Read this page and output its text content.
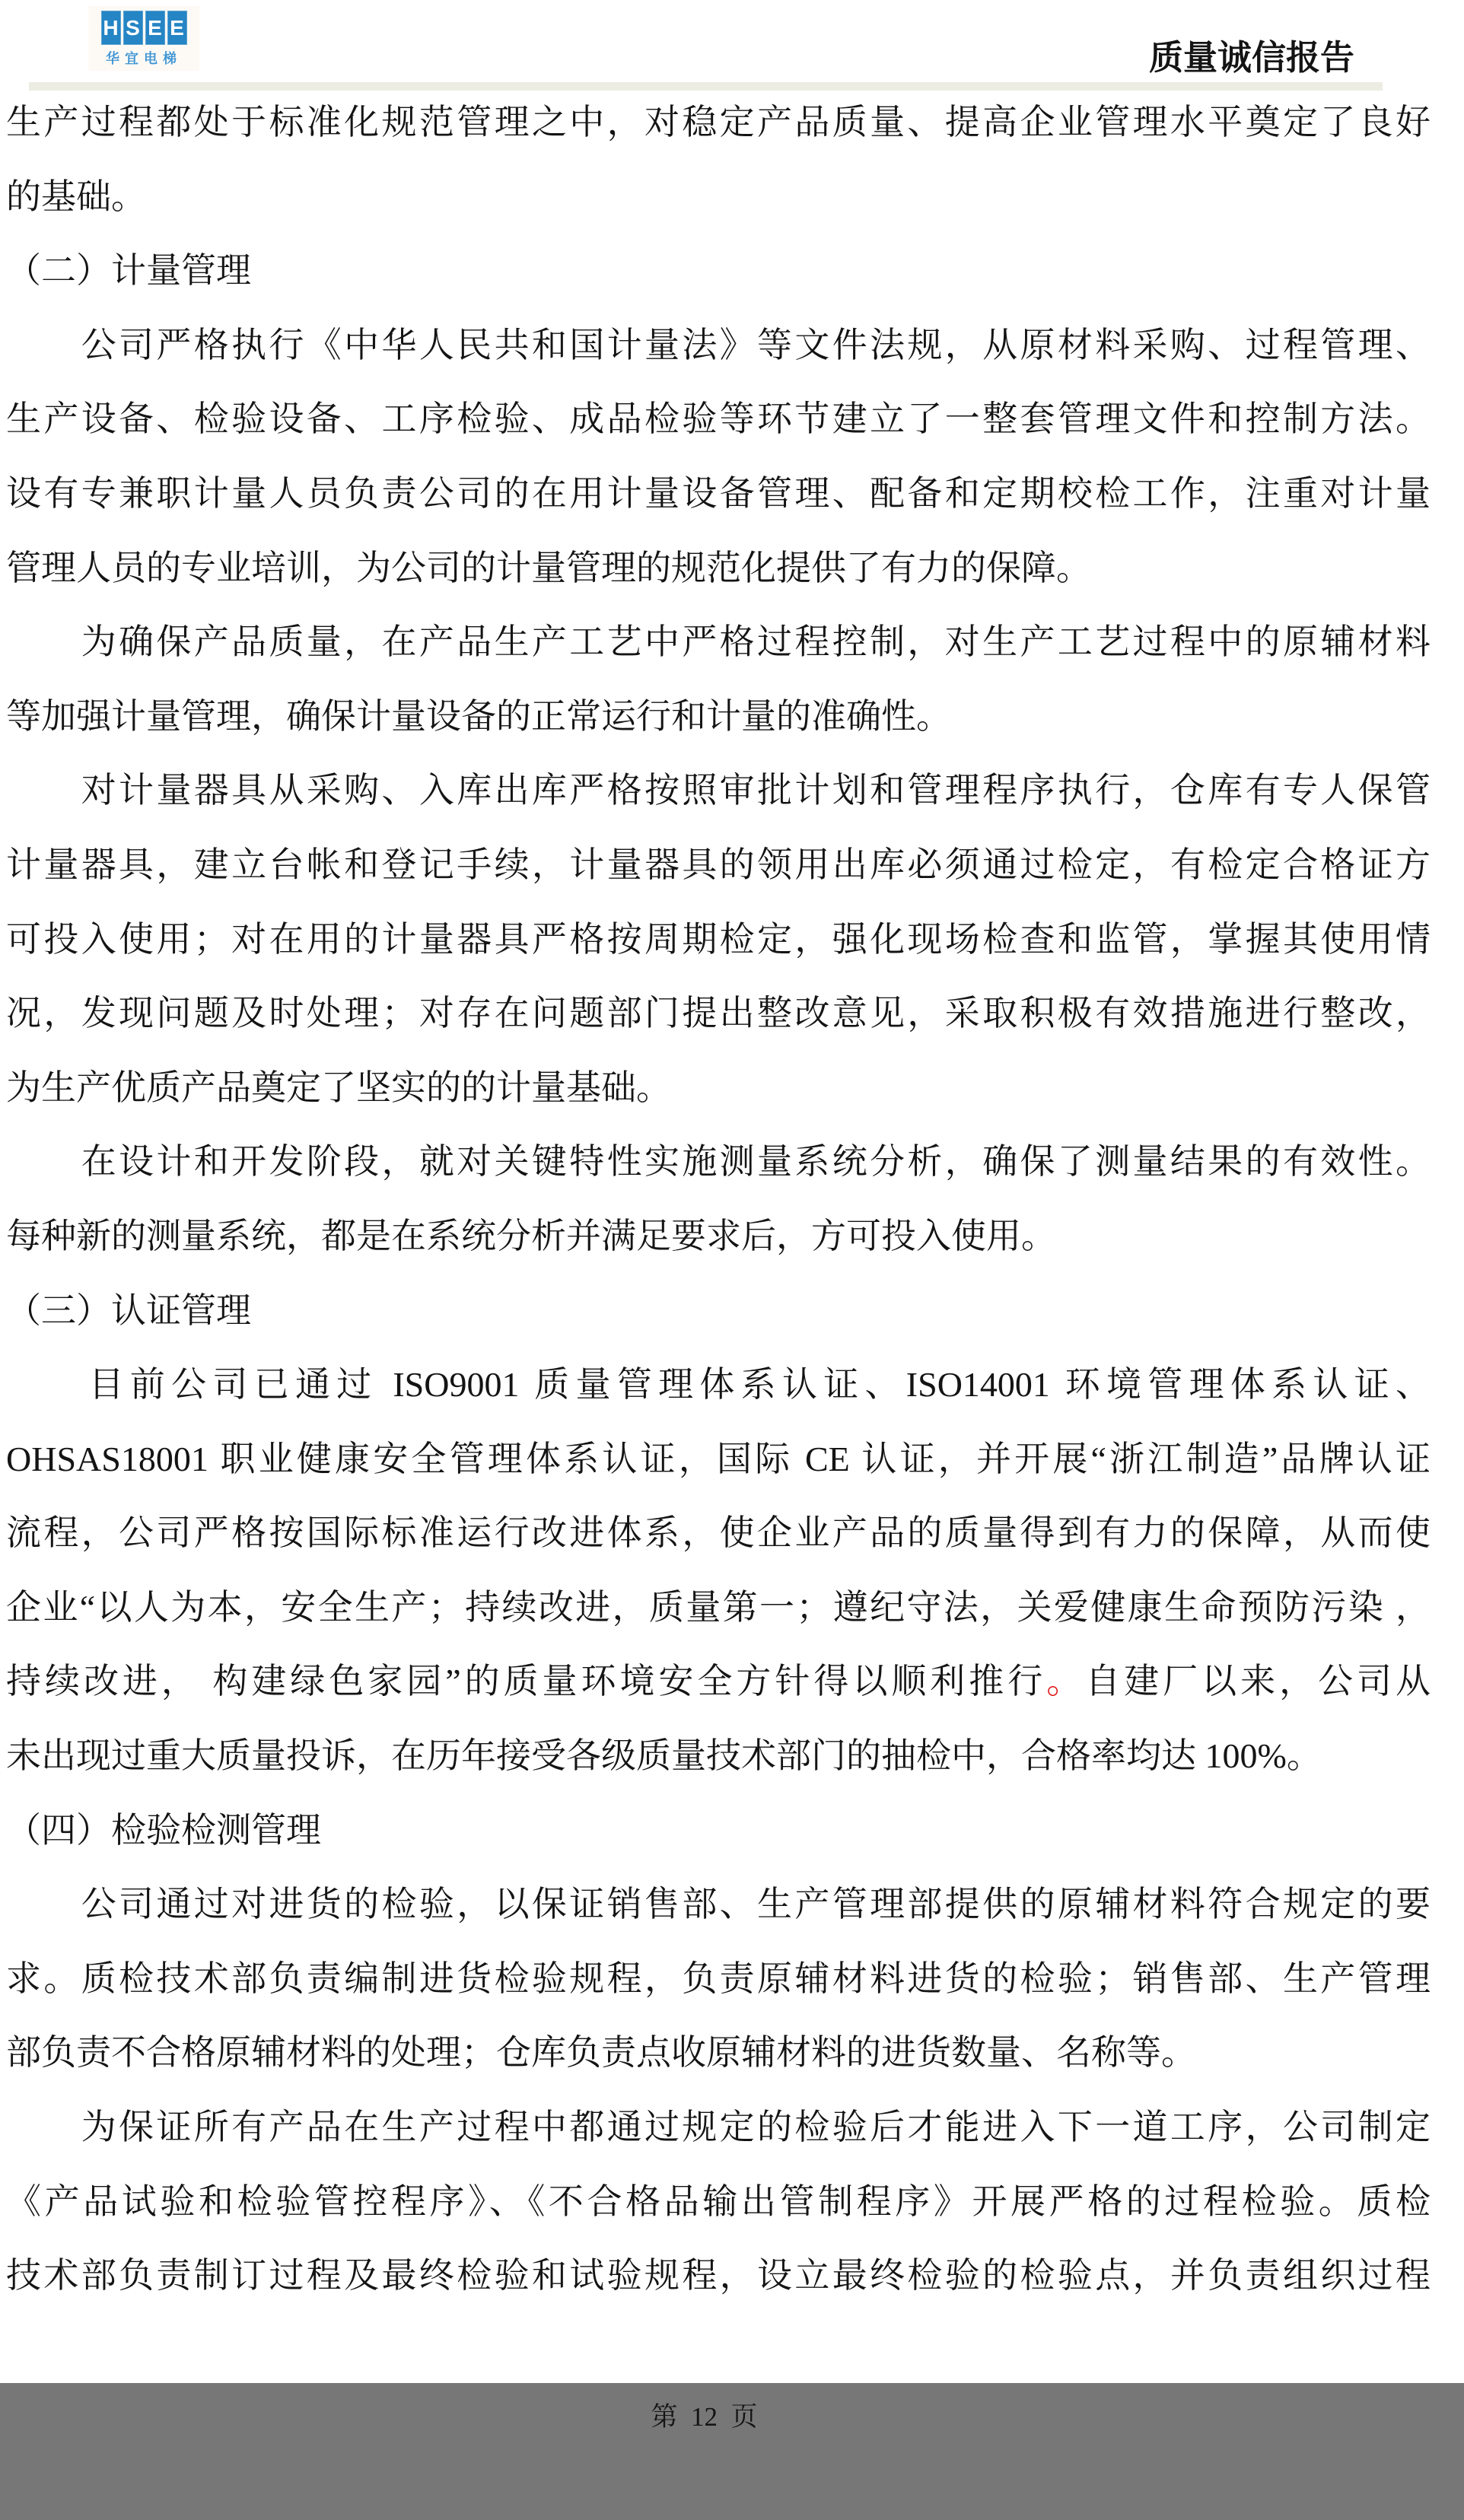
H S E E
华宜电梯	质量诚信报告
生产过程都处于标准化规范管理之中，对稳定产品质量、提高企业管理水平奠定了良好
的基础。
（二）计量管理
　　公司严格执行《中华人民共和国计量法》等文件法规，从原材料采购、过程管理、
生产设备、检验设备、工序检验、成品检验等环节建立了一整套管理文件和控制方法。
设有专兼职计量人员负责公司的在用计量设备管理、配备和定期校检工作，注重对计量
管理人员的专业培训，为公司的计量管理的规范化提供了有力的保障。
　　为确保产品质量，在产品生产工艺中严格过程控制，对生产工艺过程中的原辅材料
等加强计量管理，确保计量设备的正常运行和计量的准确性。
　　对计量器具从采购、入库出库严格按照审批计划和管理程序执行，仓库有专人保管
计量器具，建立台帐和登记手续，计量器具的领用出库必须通过检定，有检定合格证方
可投入使用；对在用的计量器具严格按周期检定，强化现场检查和监管，掌握其使用情
况，发现问题及时处理；对存在问题部门提出整改意见，采取积极有效措施进行整改，
为生产优质产品奠定了坚实的的计量基础。
　　在设计和开发阶段，就对关键特性实施测量系统分析，确保了测量结果的有效性。
每种新的测量系统，都是在系统分析并满足要求后，方可投入使用。
（三）认证管理
　　目前公司已通过 ISO9001 质量管理体系认证、ISO14001 环境管理体系认证、
OHSAS18001 职业健康安全管理体系认证，国际 CE 认证，并开展“浙江制造”品牌认证
流程，公司严格按国际标准运行改进体系，使企业产品的质量得到有力的保障，从而使
企业“以人为本，安全生产；持续改进，质量第一；遵纪守法，关爱健康生命预防污染 ，
持续改进， 构建绿色家园”的质量环境安全方针得以顺利推行。自建厂以来，公司从
未出现过重大质量投诉，在历年接受各级质量技术部门的抽检中，合格率均达 100%。
（四）检验检测管理
　　公司通过对进货的检验，以保证销售部、生产管理部提供的原辅材料符合规定的要
求。质检技术部负责编制进货检验规程，负责原辅材料进货的检验；销售部、生产管理
部负责不合格原辅材料的处理；仓库负责点收原辅材料的进货数量、名称等。
　　为保证所有产品在生产过程中都通过规定的检验后才能进入下一道工序，公司制定
《产品试验和检验管控程序》、《不合格品输出管制程序》开展严格的过程检验。质检
技术部负责制订过程及最终检验和试验规程，设立最终检验的检验点，并负责组织过程

第  12  页
